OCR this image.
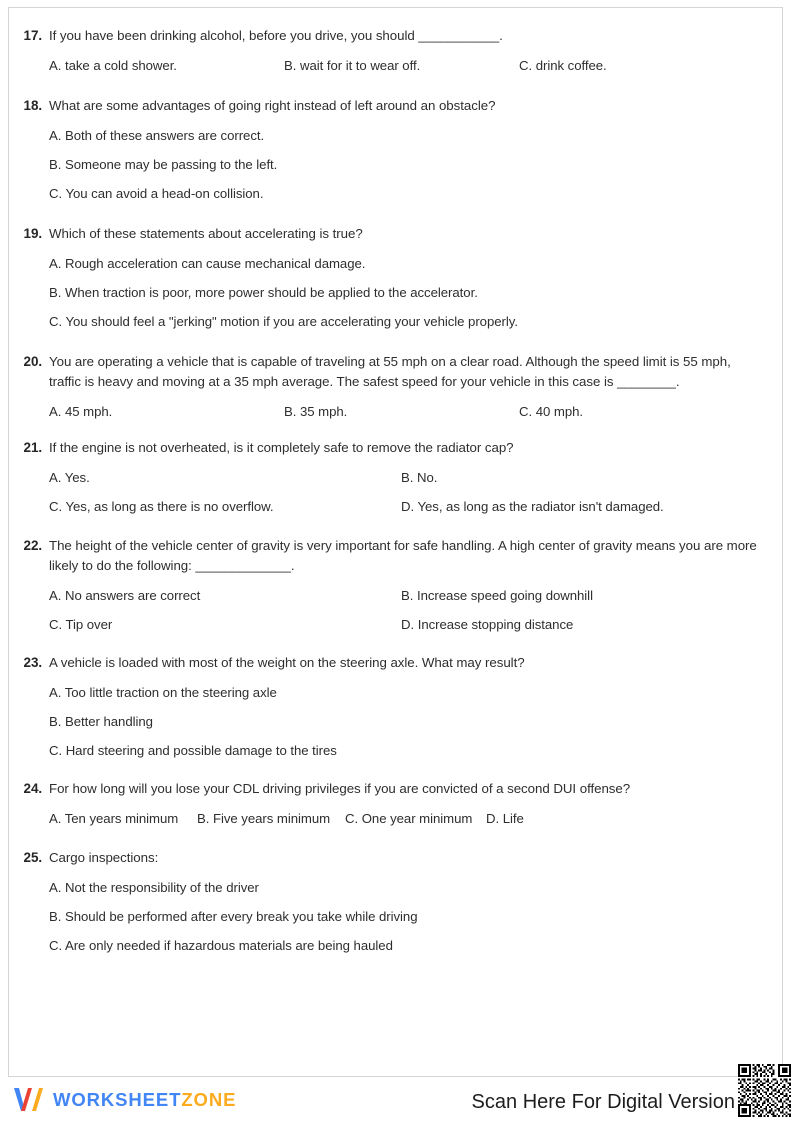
17. If you have been drinking alcohol, before you drive, you should ___________.
A. take a cold shower.	B. wait for it to wear off.	C. drink coffee.
18. What are some advantages of going right instead of left around an obstacle?
A. Both of these answers are correct.
B. Someone may be passing to the left.
C. You can avoid a head-on collision.
19. Which of these statements about accelerating is true?
A. Rough acceleration can cause mechanical damage.
B. When traction is poor, more power should be applied to the accelerator.
C. You should feel a "jerking" motion if you are accelerating your vehicle properly.
20. You are operating a vehicle that is capable of traveling at 55 mph on a clear road. Although the speed limit is 55 mph, traffic is heavy and moving at a 35 mph average. The safest speed for your vehicle in this case is ________.
A. 45 mph.	B. 35 mph.	C. 40 mph.
21. If the engine is not overheated, is it completely safe to remove the radiator cap?
A. Yes.	B. No.
C. Yes, as long as there is no overflow.	D. Yes, as long as the radiator isn't damaged.
22. The height of the vehicle center of gravity is very important for safe handling. A high center of gravity means you are more likely to do the following: _____________.
A. No answers are correct	B. Increase speed going downhill
C. Tip over	D. Increase stopping distance
23. A vehicle is loaded with most of the weight on the steering axle. What may result?
A. Too little traction on the steering axle
B. Better handling
C. Hard steering and possible damage to the tires
24. For how long will you lose your CDL driving privileges if you are convicted of a second DUI offense?
A. Ten years minimum	B. Five years minimum	C. One year minimum	D. Life
25. Cargo inspections:
A. Not the responsibility of the driver
B. Should be performed after every break you take while driving
C. Are only needed if hazardous materials are being hauled
WORKSHEETZONE	Scan Here For Digital Version
